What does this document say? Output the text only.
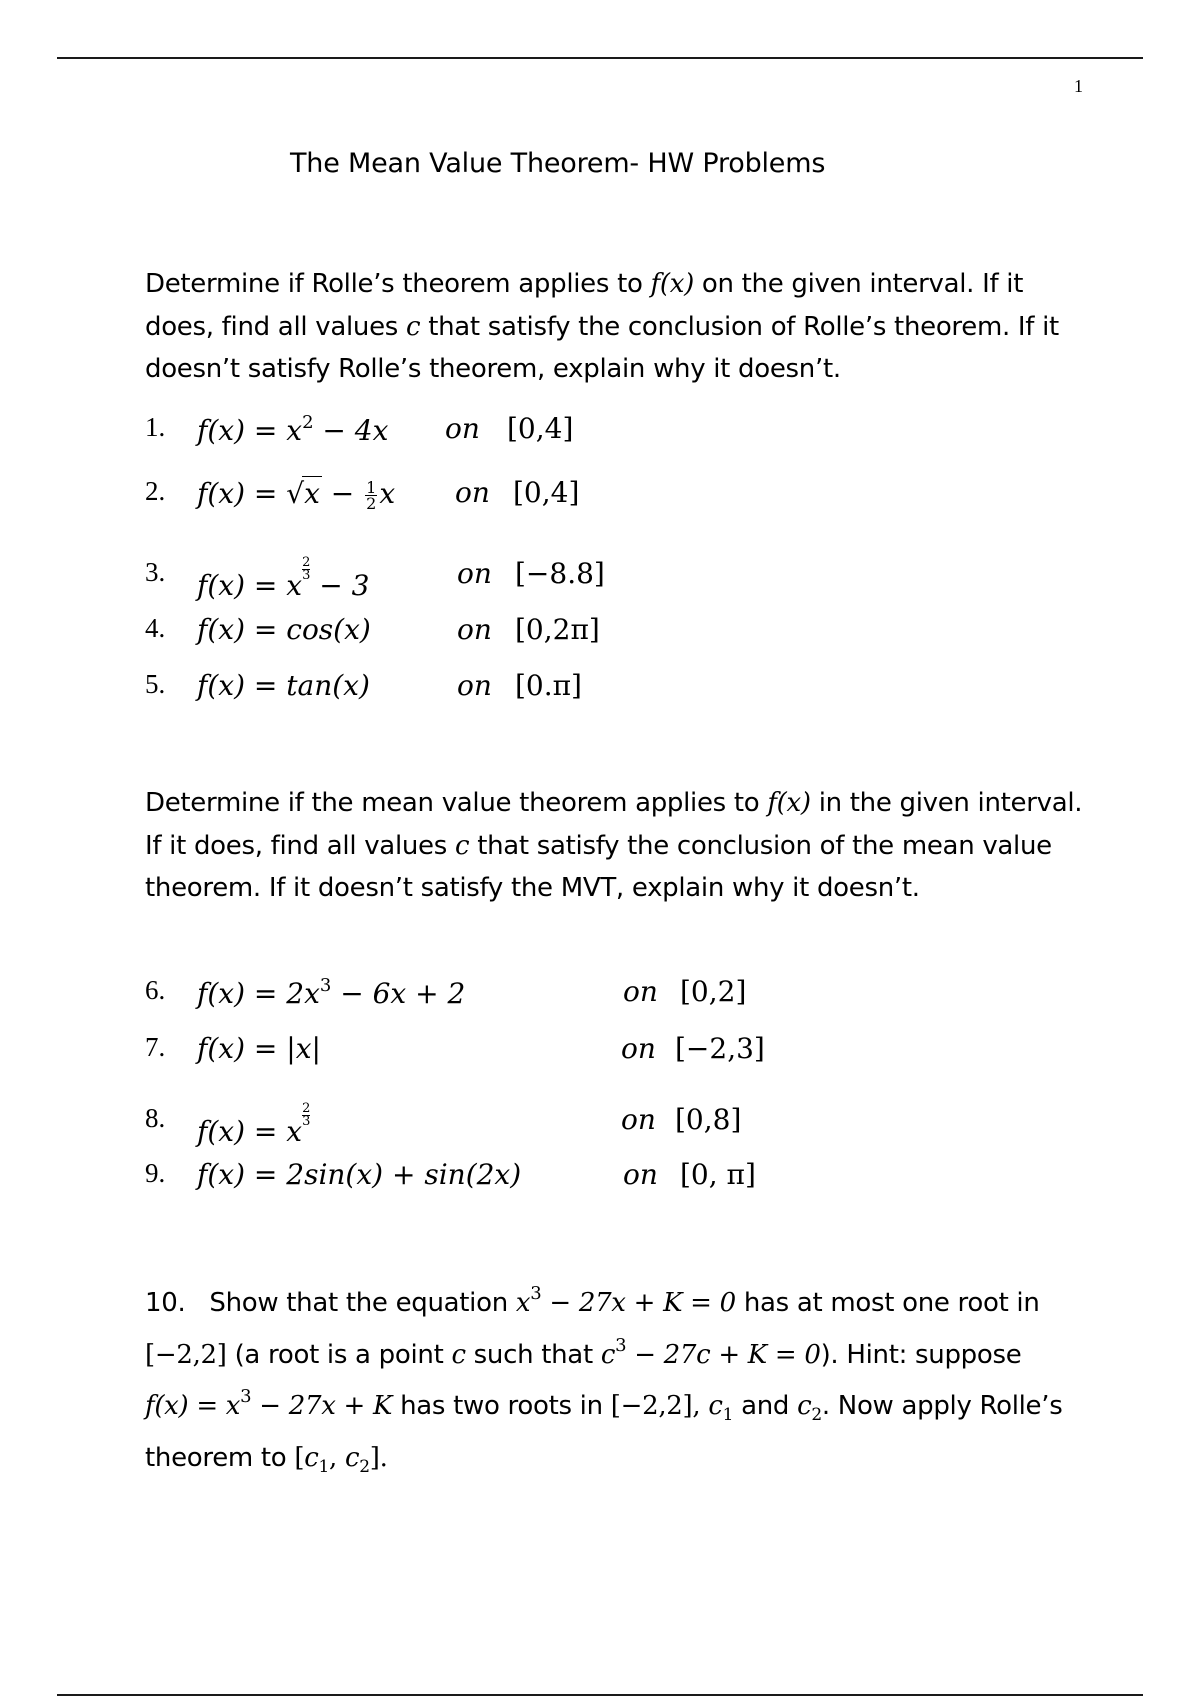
1
The Mean Value Theorem- HW Problems
Determine if Rolle’s theorem applies to f(x) on the given interval. If it does, find all values c that satisfy the conclusion of Rolle’s theorem. If it doesn’t satisfy Rolle’s theorem, explain why it doesn’t.
1. $f(x) = x^2 - 4x$ on [0,4]
2. $f(x) = √x - \frac{1}{2}$ x on [0,4]
3. f(x) = x $\frac{2}{3} - 3$	on [−8.8]
4. f(x) = cos(x)	on [0,2π]
5. f(x) = tan(x)	on [0.π]
Determine if the mean value theorem applies to f(x) in the given interval. If it does, find all values c that satisfy the conclusion of the mean value theorem. If it doesn’t satisfy the MVT, explain why it doesn’t.
6. $f(x) = 2x^3 - 6x + 2$	on [0,2]
7. f(x) = |x|	on [−2,3]
8. f(x) = x $\frac{2}{3}$	on [0,8]
9. f(x) = 2sin(x) + sin(2x)	on [0, π]
10. Show that the equation $x^3 - 27x + K = 0$ has at most one root in [−2,2] (a root is a point c such that $c^3 - 27c + K = 0$). Hint: suppose $f(x) = x^3 - 27x + K$ has two roots in [−2,2], $c_1$ and $c_2$. Now apply Rolle’s theorem to [$c_1$, $c_2$].
